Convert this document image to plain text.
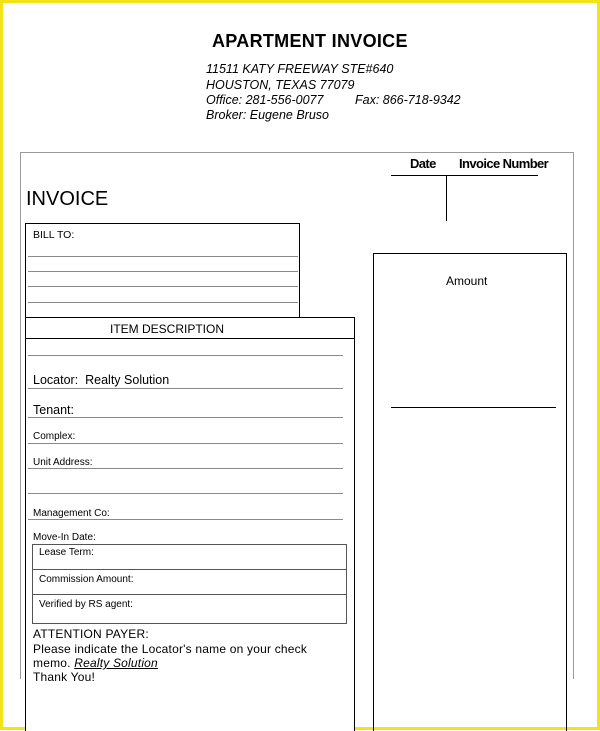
APARTMENT INVOICE
11511 KATY FREEWAY STE#640
HOUSTON, TEXAS 77079
Office: 281-556-0077	Fax: 866-718-9342
Broker: Eugene Bruso
Date Invoice Number
INVOICE
BILL TO:
Amount
ITEM DESCRIPTION
Locator: Realty Solution
Tenant:
Complex:
Unit Address:
Management Co:
Move-In Date:
Lease Term:
Commission Amount:
Verified by RS agent:
ATTENTION PAYER:
Please indicate the Locator's name on your check
memo. Realty Solution
Thank You!
